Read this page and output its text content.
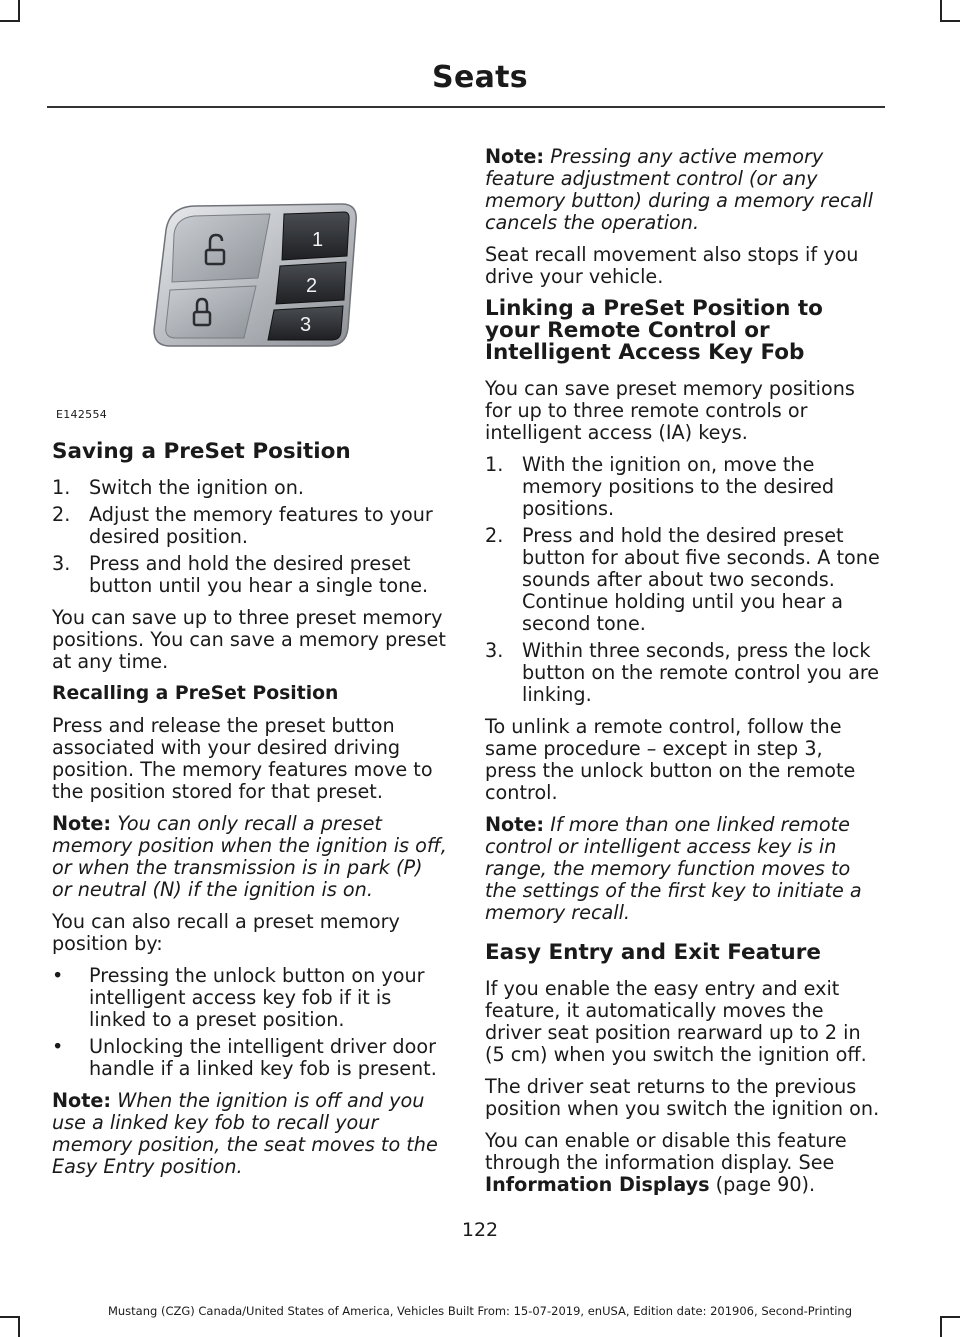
Seats
1
2
3
E142554
Saving a PreSet Position
1. Switch the ignition on.
2. Adjust the memory features to your desired position.
3. Press and hold the desired preset button until you hear a single tone.

You can save up to three preset memory positions. You can save a memory preset at any time.

Recalling a PreSet Position

Press and release the preset button associated with your desired driving position. The memory features move to the position stored for that preset.

Note: You can only recall a preset memory position when the ignition is off, or when the transmission is in park (P) or neutral (N) if the ignition is on.

You can also recall a preset memory position by:

• Pressing the unlock button on your intelligent access key fob if it is linked to a preset position.
• Unlocking the intelligent driver door handle if a linked key fob is present.

Note: When the ignition is off and you use a linked key fob to recall your memory position, the seat moves to the Easy Entry position.

Note: Pressing any active memory feature adjustment control (or any memory button) during a memory recall cancels the operation.

Seat recall movement also stops if you drive your vehicle.

Linking a PreSet Position to your Remote Control or Intelligent Access Key Fob

You can save preset memory positions for up to three remote controls or intelligent access (IA) keys.

1. With the ignition on, move the memory positions to the desired positions.
2. Press and hold the desired preset button for about five seconds. A tone sounds after about two seconds. Continue holding until you hear a second tone.
3. Within three seconds, press the lock button on the remote control you are linking.

To unlink a remote control, follow the same procedure – except in step 3, press the unlock button on the remote control.

Note: If more than one linked remote control or intelligent access key is in range, the memory function moves to the settings of the first key to initiate a memory recall.

Easy Entry and Exit Feature

If you enable the easy entry and exit feature, it automatically moves the driver seat position rearward up to 2 in (5 cm) when you switch the ignition off.

The driver seat returns to the previous position when you switch the ignition on.

You can enable or disable this feature through the information display. See
Information Displays (page 90).

122
Mustang (CZG) Canada/United States of America, Vehicles Built From: 15-07-2019, enUSA, Edition date: 201906, Second-Printing
